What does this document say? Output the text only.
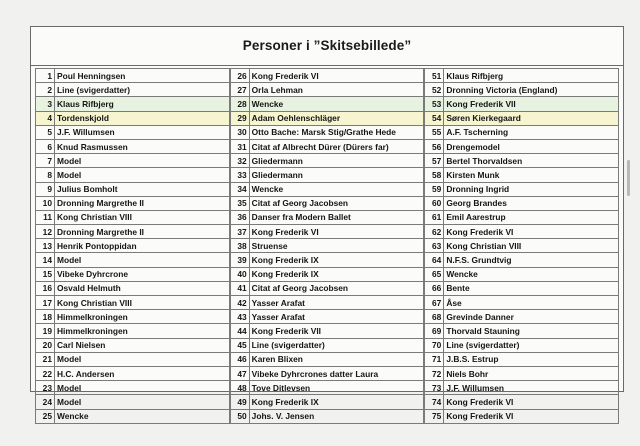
Personer i ”Skitsebillede”
1	Poul Henningsen
2	Line (svigerdatter)
3	Klaus Rifbjerg
4	Tordenskjold
5	J.F. Willumsen
6	Knud Rasmussen
7	Model
8	Model
9	Julius Bomholt
10	Dronning Margrethe II
11	Kong Christian VIII
12	Dronning Margrethe II
13	Henrik Pontoppidan
14	Model
15	Vibeke Dyhrcrone
16	Osvald Helmuth
17	Kong Christian VIII
18	Himmelkroningen
19	Himmelkroningen
20	Carl Nielsen
21	Model
22	H.C. Andersen
23	Model
24	Model
25	Wencke
26	Kong Frederik VI
27	Orla Lehman
28	Wencke
29	Adam Oehlenschläger
30	Otto Bache: Marsk Stig/Grathe Hede
31	Citat af Albrecht Dürer (Dürers far)
32	Gliedermann
33	Gliedermann
34	Wencke
35	Citat af Georg Jacobsen
36	Danser fra Modern Ballet
37	Kong Frederik VI
38	Struensе
39	Kong Frederik IX
40	Kong Frederik IX
41	Citat af Georg Jacobsen
42	Yasser Arafat
43	Yasser Arafat
44	Kong Frederik VII
45	Line (svigerdatter)
46	Karen Blixen
47	Vibeke Dyhrcrones datter Laura
48	Tove Ditlevsen
49	Kong Frederik IX
50	Johs. V. Jensen
51	Klaus Rifbjerg
52	Dronning Victoria (England)
53	Kong Frederik VII
54	Søren Kierkegaard
55	A.F. Tscherning
56	Drengemodel
57	Bertel Thorvaldsen
58	Kirsten Munk
59	Dronning Ingrid
60	Georg Brandes
61	Emil Aarestrup
62	Kong Frederik VI
63	Kong Christian VIII
64	N.F.S. Grundtvig
65	Wencke
66	Bente
67	Åse
68	Grevinde Danner
69	Thorvald Stauning
70	Line (svigerdatter)
71	J.B.S. Estrup
72	Niels Bohr
73	J.F. Willumsen
74	Kong Frederik VI
75	Kong Frederik VI
